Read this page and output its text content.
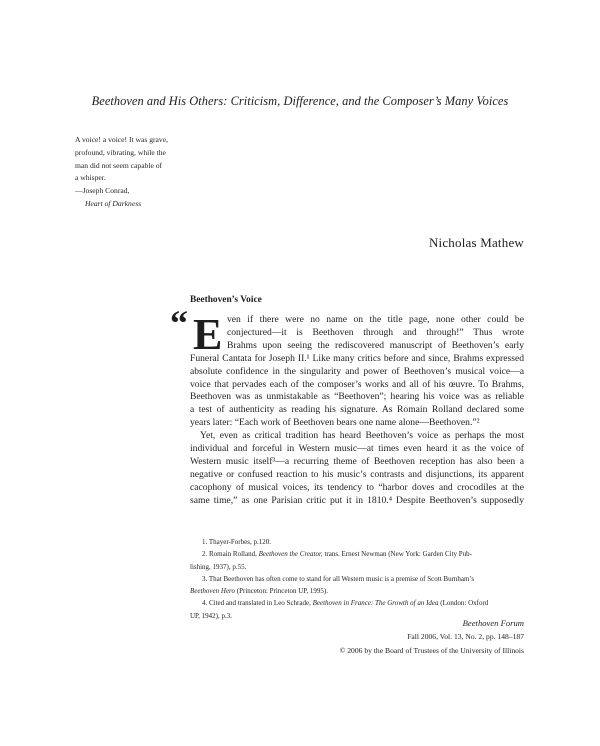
Beethoven and His Others: Criticism, Difference, and the Composer’s Many Voices
A voice! a voice! It was grave,
profound, vibrating, while the
man did not seem capable of
a whisper.
—Joseph Conrad,
Heart of Darkness
Nicholas Mathew
Beethoven’s Voice
“ E ven if there were no name on the title page, none other could be
conjectured—it is Beethoven through and through!” Thus wrote
Brahms upon seeing the rediscovered manuscript of Beethoven’s early
Funeral Cantata for Joseph II.¹ Like many critics before and since, Brahms expressed
absolute confidence in the singularity and power of Beethoven’s musical voice—a
voice that pervades each of the composer’s works and all of his œuvre. To Brahms,
Beethoven was as unmistakable as “Beethoven”; hearing his voice was as reliable
a test of authenticity as reading his signature. As Romain Rolland declared some
years later: “Each work of Beethoven bears one name alone—Beethoven.”²
Yet, even as critical tradition has heard Beethoven’s voice as perhaps the most
individual and forceful in Western music—at times even heard it as the voice of
Western music itself³—a recurring theme of Beethoven reception has also been a
negative or confused reaction to his music’s contrasts and disjunctions, its apparent
cacophony of musical voices, its tendency to “harbor doves and crocodiles at the
same time,” as one Parisian critic put it in 1810.⁴ Despite Beethoven’s supposedly
1. Thayer-Forbes, p.120.
2. Romain Rolland, Beethoven the Creator, trans. Ernest Newman (New York: Garden City Pub-
lishing, 1937), p.55.
3. That Beethoven has often come to stand for all Western music is a premise of Scott Burnham’s
Beethoven Hero (Princeton: Princeton UP, 1995).
4. Cited and translated in Leo Schrade, Beethoven in France: The Growth of an Idea (London: Oxford
UP, 1942), p.3.
Beethoven Forum
Fall 2006, Vol. 13, No. 2, pp. 148–187
© 2006 by the Board of Trustees of the University of Illinois
